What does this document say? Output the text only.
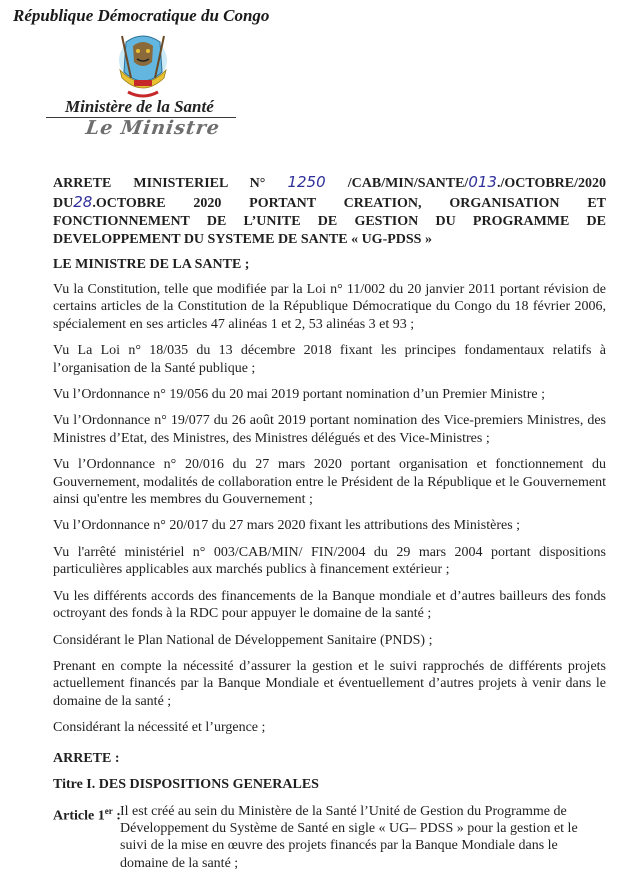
République Démocratique du Congo
Ministère de la Santé
Le Ministre

ARRETE MINISTERIEL N° 1250 /CAB/MIN/SANTE/013./OCTOBRE/2020 DU28.OCTOBRE 2020 PORTANT CREATION, ORGANISATION ET FONCTIONNEMENT DE L’UNITE DE GESTION DU PROGRAMME DE DEVELOPPEMENT DU SYSTEME DE SANTE « UG-PDSS »

LE MINISTRE DE LA SANTE ;

Vu la Constitution, telle que modifiée par la Loi n° 11/002 du 20 janvier 2011 portant révision de certains articles de la Constitution de la République Démocratique du Congo du 18 février 2006, spécialement en ses articles 47 alinéas 1 et 2, 53 alinéas 3 et 93 ;

Vu La Loi n° 18/035 du 13 décembre 2018 fixant les principes fondamentaux relatifs à l’organisation de la Santé publique ;

Vu l’Ordonnance n° 19/056 du 20 mai 2019 portant nomination d’un Premier Ministre ;

Vu l’Ordonnance n° 19/077 du 26 août 2019 portant nomination des Vice-premiers Ministres, des Ministres d’Etat, des Ministres, des Ministres délégués et des Vice-Ministres ;

Vu l’Ordonnance n° 20/016 du 27 mars 2020 portant organisation et fonctionnement du Gouvernement, modalités de collaboration entre le Président de la République et le Gouvernement ainsi qu'entre les membres du Gouvernement ;

Vu l’Ordonnance n° 20/017 du 27 mars 2020 fixant les attributions des Ministères ;

Vu l'arrêté ministériel n° 003/CAB/MIN/ FIN/2004 du 29 mars 2004 portant dispositions particulières applicables aux marchés publics à financement extérieur ;

Vu les différents accords des financements de la Banque mondiale et d’autres bailleurs des fonds octroyant des fonds à la RDC pour appuyer le domaine de la santé ;

Considérant le Plan National de Développement Sanitaire (PNDS) ;

Prenant en compte la nécessité d’assurer la gestion et le suivi rapprochés de différents projets actuellement financés par la Banque Mondiale et éventuellement d’autres projets à venir dans le domaine de la santé ;

Considérant la nécessité et l’urgence ;

ARRETE :

Titre I. DES DISPOSITIONS GENERALES

Article 1er : Il est créé au sein du Ministère de la Santé l’Unité de Gestion du Programme de Développement du Système de Santé en sigle « UG– PDSS » pour la gestion et le suivi de la mise en œuvre des projets financés par la Banque Mondiale dans le domaine de la santé ;
